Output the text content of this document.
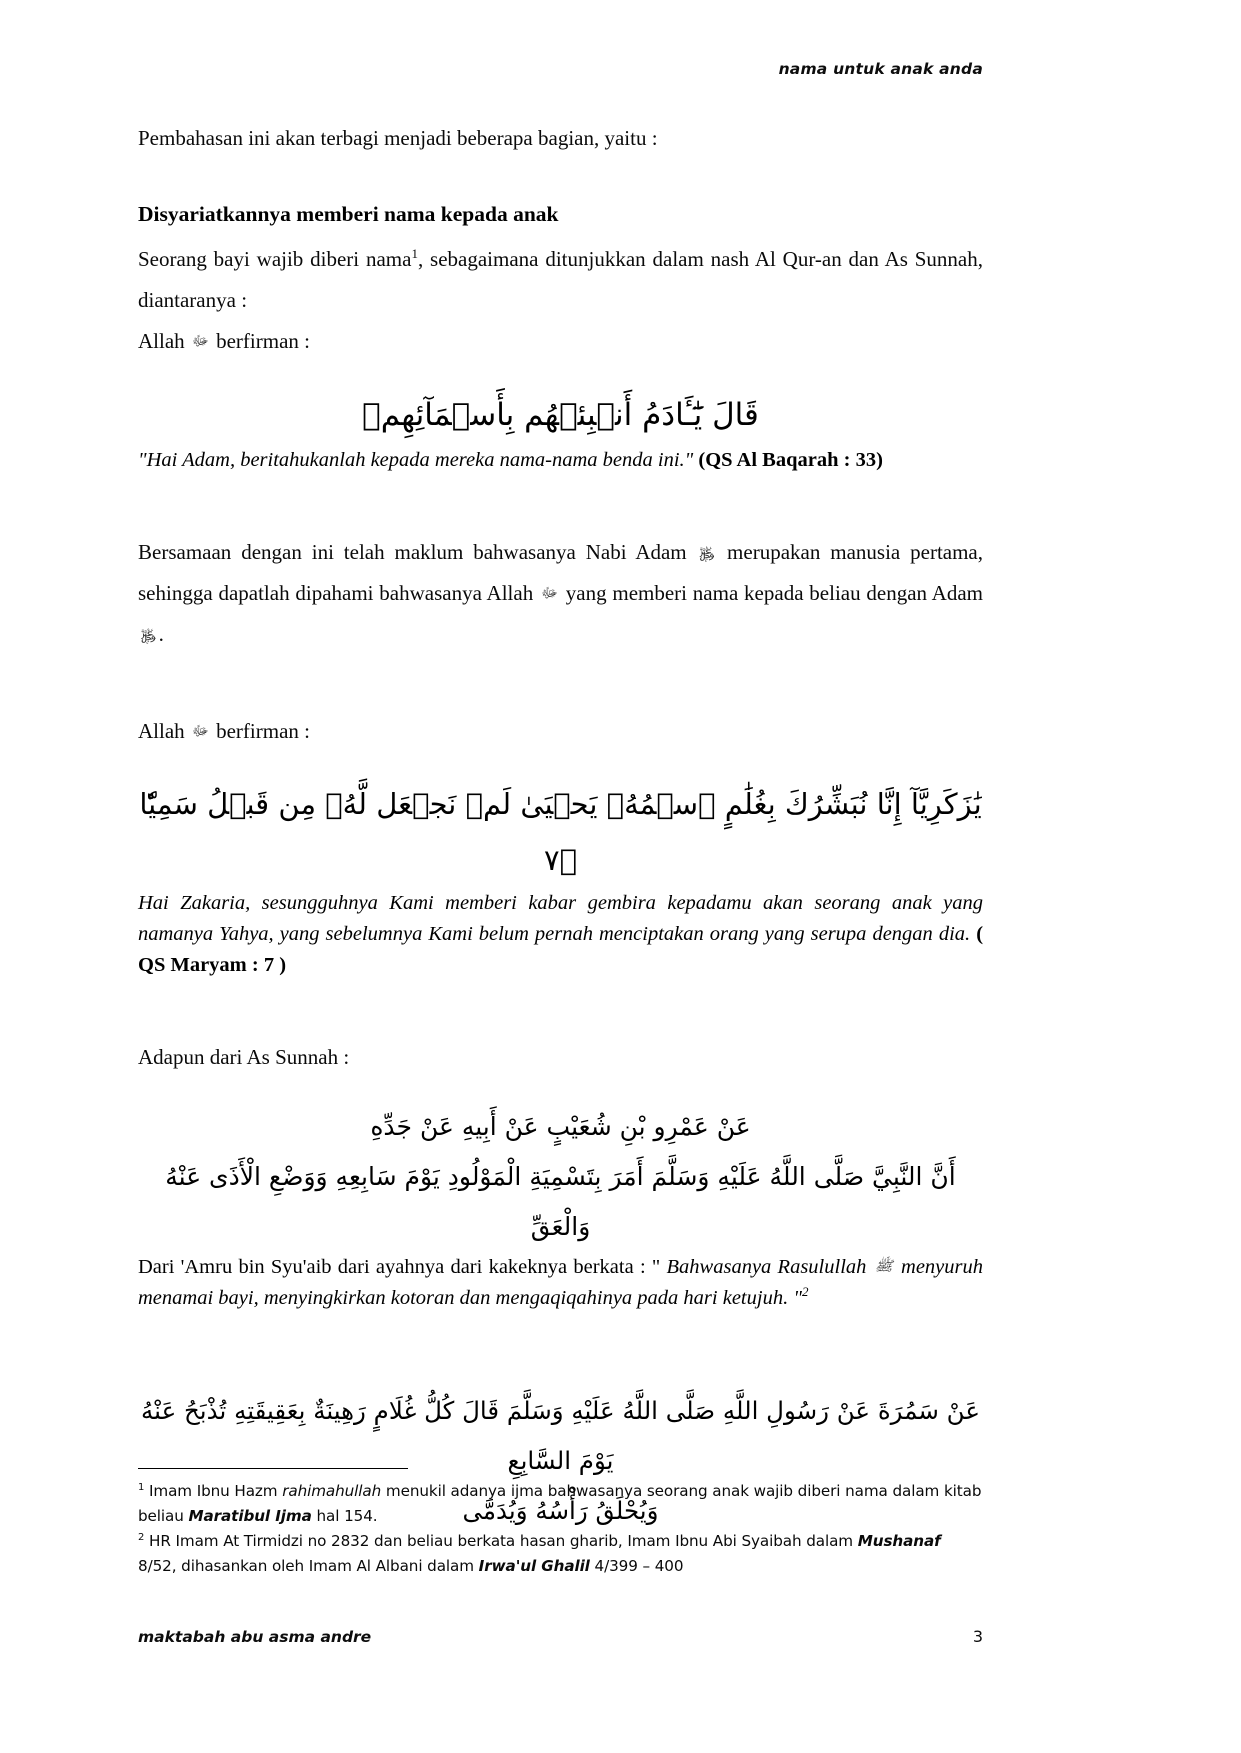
nama untuk anak anda

Pembahasan ini akan terbagi menjadi beberapa bagian, yaitu :

Disyariatkannya memberi nama kepada anak

Seorang bayi wajib diberi nama$^1$, sebagaimana ditunjukkan dalam nash Al Qur-an dan As Sunnah, diantaranya :

Allah ﷻ berfirman :

قَالَ يَٰٓـَٔادَمُ أَنۢبِئۡهُم بِأَسۡمَآئِهِمۡ

"Hai Adam, beritahukanlah kepada mereka nama-nama benda ini." (QS Al Baqarah : 33)

Bersamaan dengan ini telah maklum bahwasanya Nabi Adam ﷿ merupakan manusia pertama, sehingga dapatlah dipahami bahwasanya Allah ﷻ yang memberi nama kepada beliau dengan Adam ﷿.

Allah ﷻ berfirman :

يَٰزَكَرِيَّآ إِنَّا نُبَشِّرُكَ بِغُلَٰمٍ ٱسۡمُهُۥ يَحۡيَىٰ لَمۡ نَجۡعَل لَّهُۥ مِن قَبۡلُ سَمِيّٗا ۝٧

Hai Zakaria, sesungguhnya Kami memberi kabar gembira kepadamu akan seorang anak yang namanya Yahya, yang sebelumnya Kami belum pernah menciptakan orang yang serupa dengan dia. ( QS Maryam : 7 )

Adapun dari As Sunnah :

عَنْ عَمْرِو بْنِ شُعَيْبٍ عَنْ أَبِيهِ عَنْ جَدِّهِ

أَنَّ النَّبِيَّ صَلَّى اللَّهُ عَلَيْهِ وَسَلَّمَ أَمَرَ بِتَسْمِيَةِ الْمَوْلُودِ يَوْمَ سَابِعِهِ وَوَضْعِ الْأَذَى عَنْهُ وَالْعَقِّ

Dari 'Amru bin Syu'aib dari ayahnya dari kakeknya berkata : " Bahwasanya Rasulullah ﷺ menyuruh menamai bayi, menyingkirkan kotoran dan mengaqiqahinya pada hari ketujuh. "$^2$

عَنْ سَمُرَةَ عَنْ رَسُولِ اللَّهِ صَلَّى اللَّهُ عَلَيْهِ وَسَلَّمَ قَالَ كُلُّ غُلَامٍ رَهِينَةٌ بِعَقِيقَتِهِ تُذْبَحُ عَنْهُ يَوْمَ السَّابِعِ

وَيُحْلَقُ رَأْسُهُ وَيُدَمَّى

$^1$ Imam Ibnu Hazm rahimahullah menukil adanya ijma bahwasanya seorang anak wajib diberi nama dalam kitab beliau Maratibul Ijma hal 154.

$^2$ HR Imam At Tirmidzi no 2832 dan beliau berkata hasan gharib, Imam Ibnu Abi Syaibah dalam Mushanaf 8/52, dihasankan oleh Imam Al Albani dalam Irwa'ul Ghalil 4/399 – 400

maktabah abu asma andre	3
